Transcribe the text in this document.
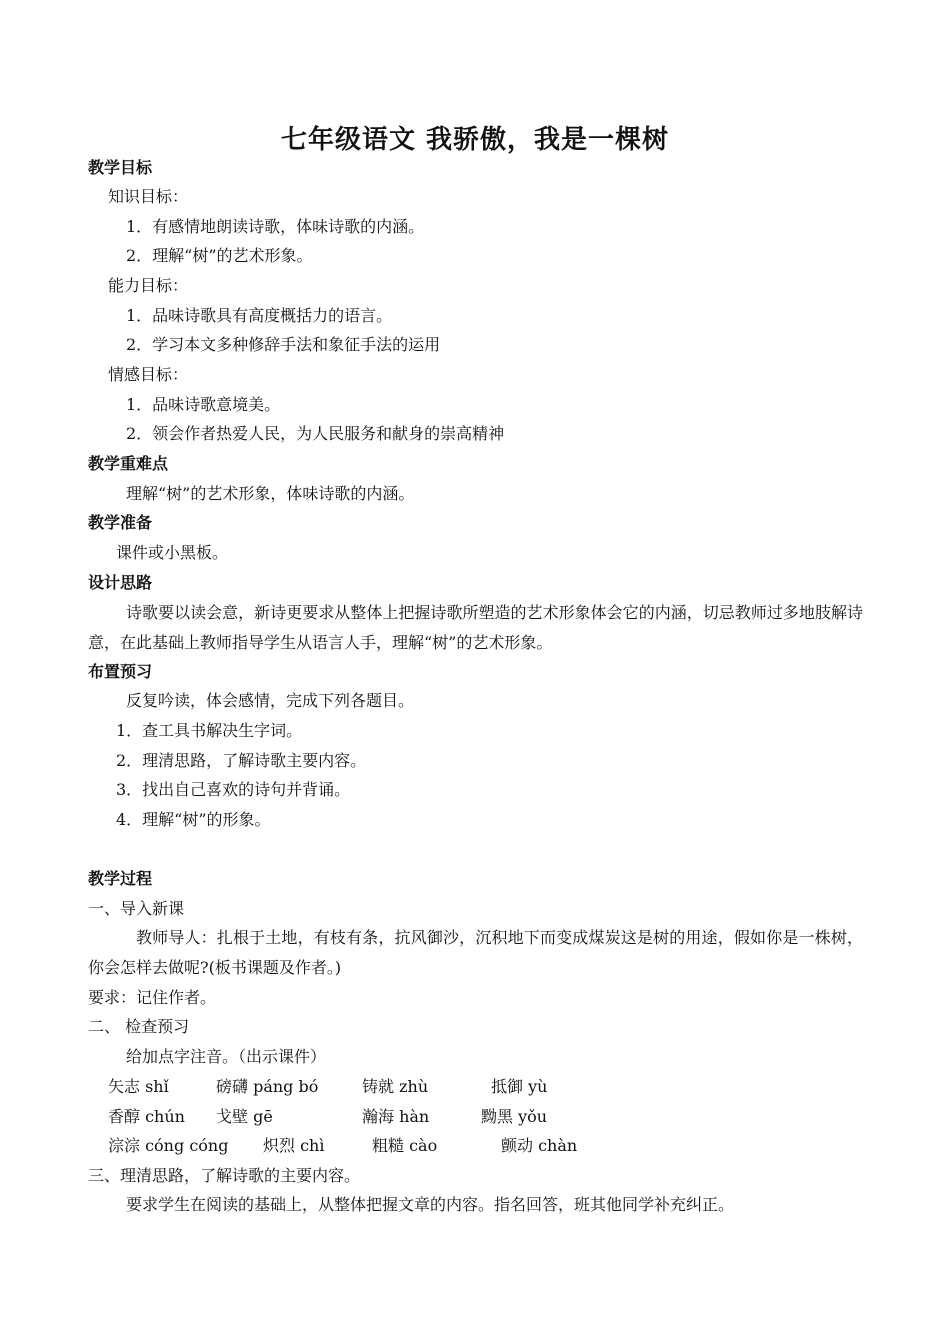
七年级语文 我骄傲，我是一棵树
教学目标
知识目标：
1．有感情地朗读诗歌，体味诗歌的内涵。
2．理解“树”的艺术形象。
能力目标：
1．品味诗歌具有高度概括力的语言。
2．学习本文多种修辞手法和象征手法的运用
情感目标：
1．品味诗歌意境美。
2．领会作者热爱人民，为人民服务和献身的崇高精神
教学重难点
理解“树”的艺术形象，体味诗歌的内涵。
教学准备
课件或小黑板。
设计思路
诗歌要以读会意，新诗更要求从整体上把握诗歌所塑造的艺术形象体会它的内涵，切忌教师过多地肢解诗意，在此基础上教师指导学生从语言人手，理解“树”的艺术形象。
布置预习
反复吟读，体会感情，完成下列各题目。
1．查工具书解决生字词。
2．理清思路，了解诗歌主要内容。
3．找出自己喜欢的诗句并背诵。
4．理解“树”的形象。
教学过程
一、导入新课
教师导人：扎根于土地，有枝有条，抗风御沙，沉积地下而变成煤炭这是树的用途，假如你是一株树，你会怎样去做呢?(板书课题及作者。)
要求：记住作者。
二、 检查预习
给加点字注音。（出示课件）
矢志 shǐ	磅礴 páng bó	铸就 zhù	抵御 yù
香醇 chún 戈壁 gē	瀚海 hàn	黝黑 yǒu
淙淙 cóng cóng 炽烈 chì	粗糙 cào	颤动 chàn
三、理清思路，了解诗歌的主要内容。
要求学生在阅读的基础上，从整体把握文章的内容。指名回答，班其他同学补充纠正。
